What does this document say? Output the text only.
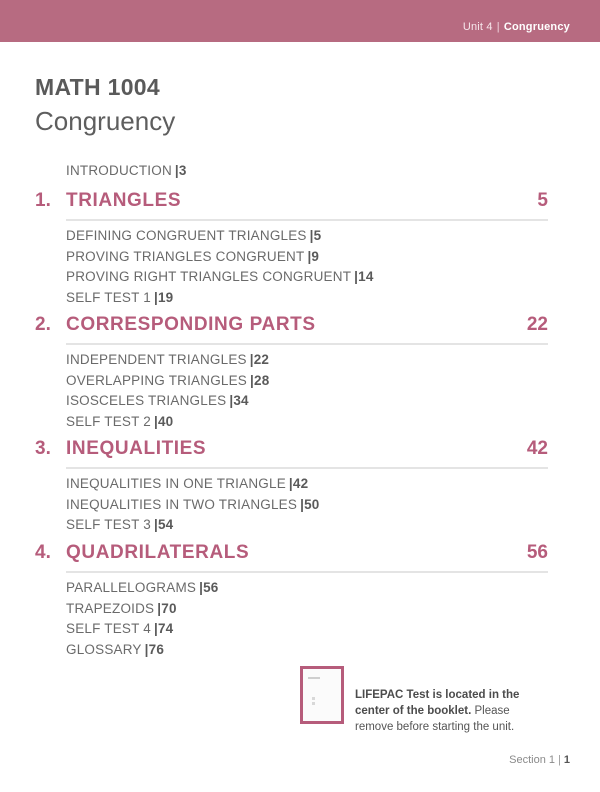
Unit 4 | Congruency
MATH 1004
Congruency
INTRODUCTION |3
1. TRIANGLES	5
DEFINING CONGRUENT TRIANGLES |5
PROVING TRIANGLES CONGRUENT |9
PROVING RIGHT TRIANGLES CONGRUENT |14
SELF TEST 1 |19
2. CORRESPONDING PARTS	22
INDEPENDENT TRIANGLES |22
OVERLAPPING TRIANGLES |28
ISOSCELES TRIANGLES |34
SELF TEST 2 |40
3. INEQUALITIES	42
INEQUALITIES IN ONE TRIANGLE |42
INEQUALITIES IN TWO TRIANGLES |50
SELF TEST 3 |54
4. QUADRILATERALS	56
PARALLELOGRAMS |56
TRAPEZOIDS |70
SELF TEST 4 |74
GLOSSARY |76
LIFEPAC Test is located in the center of the booklet. Please remove before starting the unit.
Section 1 | 1
